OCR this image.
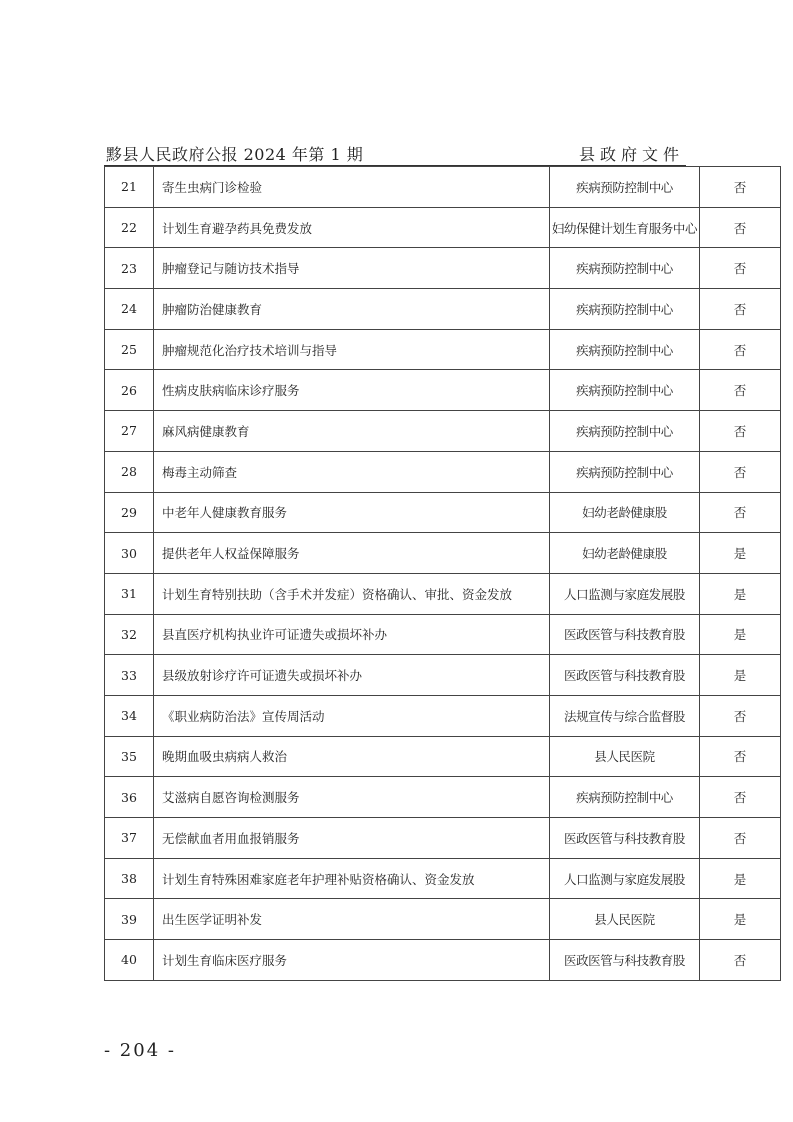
黟县人民政府公报 2024 年第 1 期	县政府文件
21	寄生虫病门诊检验	疾病预防控制中心	否
22	计划生育避孕药具免费发放	妇幼保健计划生育服务中心	否
23	肿瘤登记与随访技术指导	疾病预防控制中心	否
24	肿瘤防治健康教育	疾病预防控制中心	否
25	肿瘤规范化治疗技术培训与指导	疾病预防控制中心	否
26	性病皮肤病临床诊疗服务	疾病预防控制中心	否
27	麻风病健康教育	疾病预防控制中心	否
28	梅毒主动筛查	疾病预防控制中心	否
29	中老年人健康教育服务	妇幼老龄健康股	否
30	提供老年人权益保障服务	妇幼老龄健康股	是
31	计划生育特别扶助（含手术并发症）资格确认、审批、资金发放	人口监测与家庭发展股	是
32	县直医疗机构执业许可证遗失或损坏补办	医政医管与科技教育股	是
33	县级放射诊疗许可证遗失或损坏补办	医政医管与科技教育股	是
34	《职业病防治法》宣传周活动	法规宣传与综合监督股	否
35	晚期血吸虫病病人救治	县人民医院	否
36	艾滋病自愿咨询检测服务	疾病预防控制中心	否
37	无偿献血者用血报销服务	医政医管与科技教育股	否
38	计划生育特殊困难家庭老年护理补贴资格确认、资金发放	人口监测与家庭发展股	是
39	出生医学证明补发	县人民医院	是
40	计划生育临床医疗服务	医政医管与科技教育股	否
- 204 -
